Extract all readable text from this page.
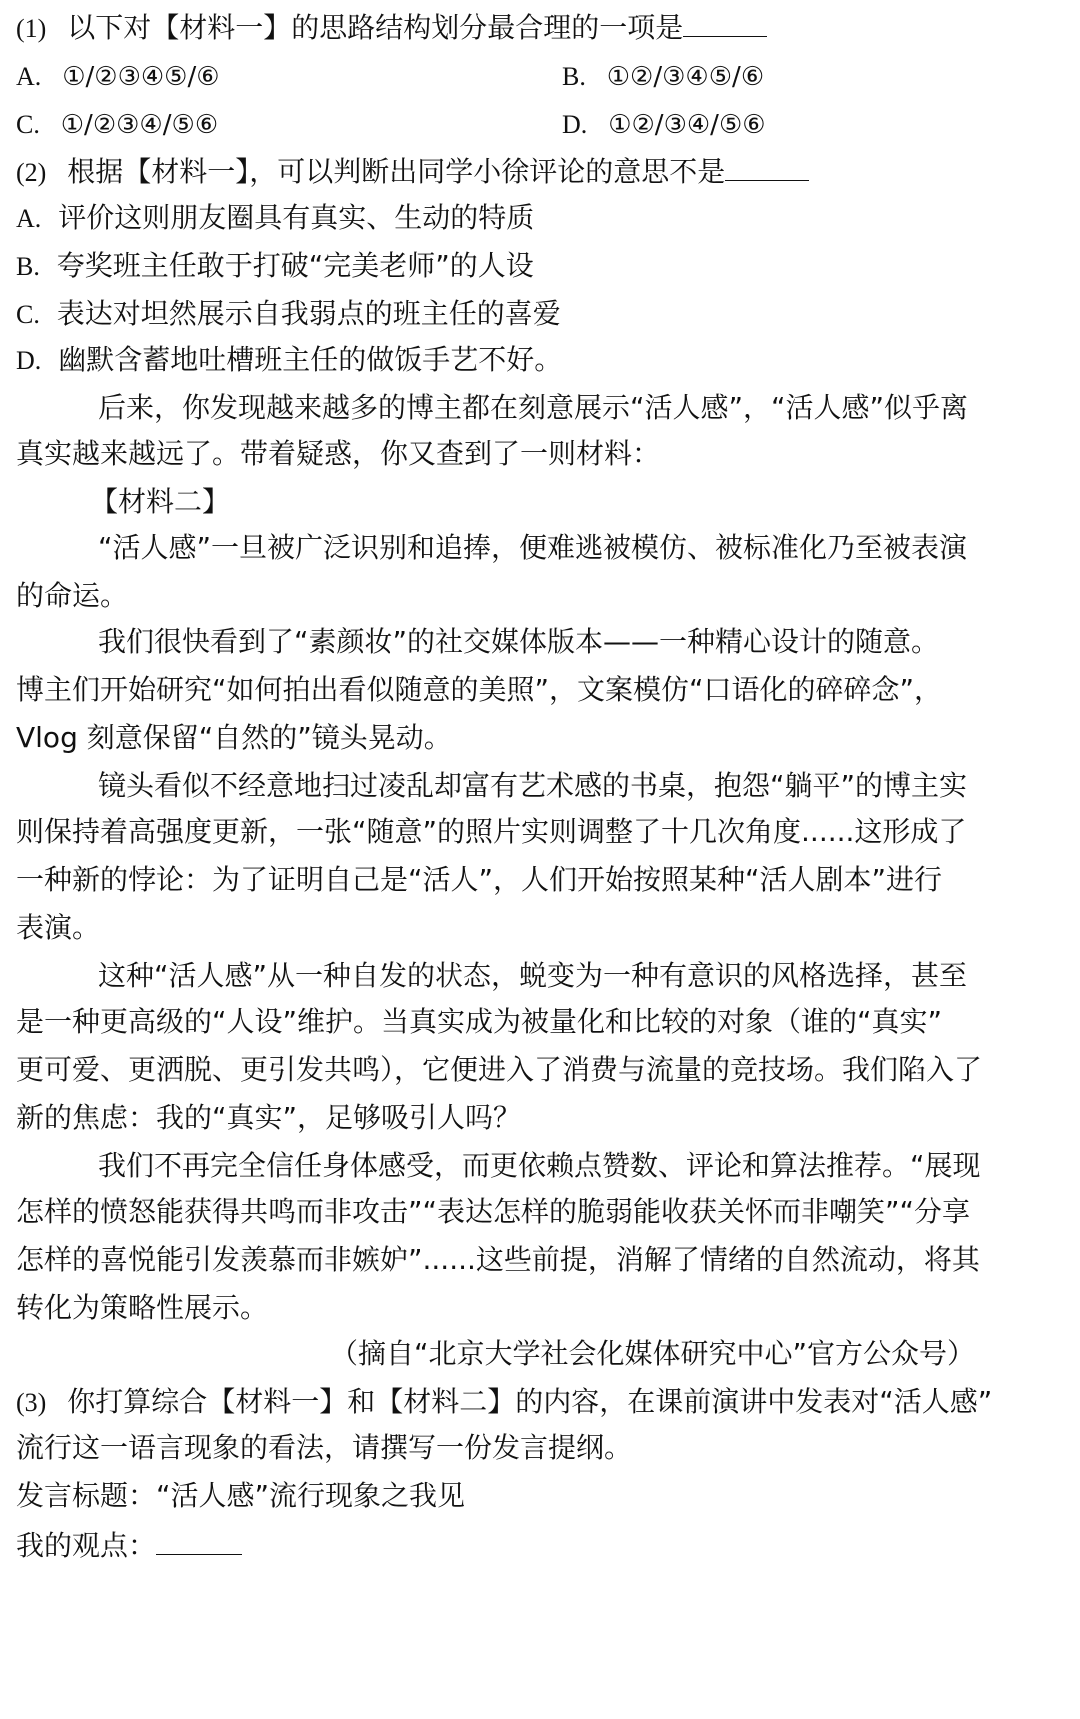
(1) 以下对【材料一】的思路结构划分最合理的一项是
A. ①/②③④⑤/⑥	B. ①②/③④⑤/⑥
C. ①/②③④/⑤⑥	D. ①②/③④/⑤⑥
(2) 根据【材料一】，可以判断出同学小徐评论的意思不是
A. 评价这则朋友圈具有真实、生动的特质
B. 夸奖班主任敢于打破“完美老师”的人设
C. 表达对坦然展示自我弱点的班主任的喜爱
D. 幽默含蓄地吐槽班主任的做饭手艺不好。
后来，你发现越来越多的博主都在刻意展示“活人感”，“活人感”似乎离
真实越来越远了。带着疑惑，你又查到了一则材料：
【材料二】
“活人感”一旦被广泛识别和追捧，便难逃被模仿、被标准化乃至被表演
的命运。
我们很快看到了“素颜妆”的社交媒体版本——一种精心设计的随意。
博主们开始研究“如何拍出看似随意的美照”，文案模仿“口语化的碎碎念”，
Vlog 刻意保留“自然的”镜头晃动。
镜头看似不经意地扫过凌乱却富有艺术感的书桌，抱怨“躺平”的博主实
则保持着高强度更新，一张“随意”的照片实则调整了十几次角度......这形成了
一种新的悖论：为了证明自己是“活人”，人们开始按照某种“活人剧本”进行
表演。
这种“活人感”从一种自发的状态，蜕变为一种有意识的风格选择，甚至
是一种更高级的“人设”维护。当真实成为被量化和比较的对象（谁的“真实”
更可爱、更洒脱、更引发共鸣），它便进入了消费与流量的竞技场。我们陷入了
新的焦虑：我的“真实”，足够吸引人吗？
我们不再完全信任身体感受，而更依赖点赞数、评论和算法推荐。“展现
怎样的愤怒能获得共鸣而非攻击”“表达怎样的脆弱能收获关怀而非嘲笑”“分享
怎样的喜悦能引发羡慕而非嫉妒”......这些前提，消解了情绪的自然流动，将其
转化为策略性展示。
（摘自“北京大学社会化媒体研究中心”官方公众号）
(3) 你打算综合【材料一】和【材料二】的内容，在课前演讲中发表对“活人感”
流行这一语言现象的看法，请撰写一份发言提纲。
发言标题：“活人感”流行现象之我见
我的观点：
